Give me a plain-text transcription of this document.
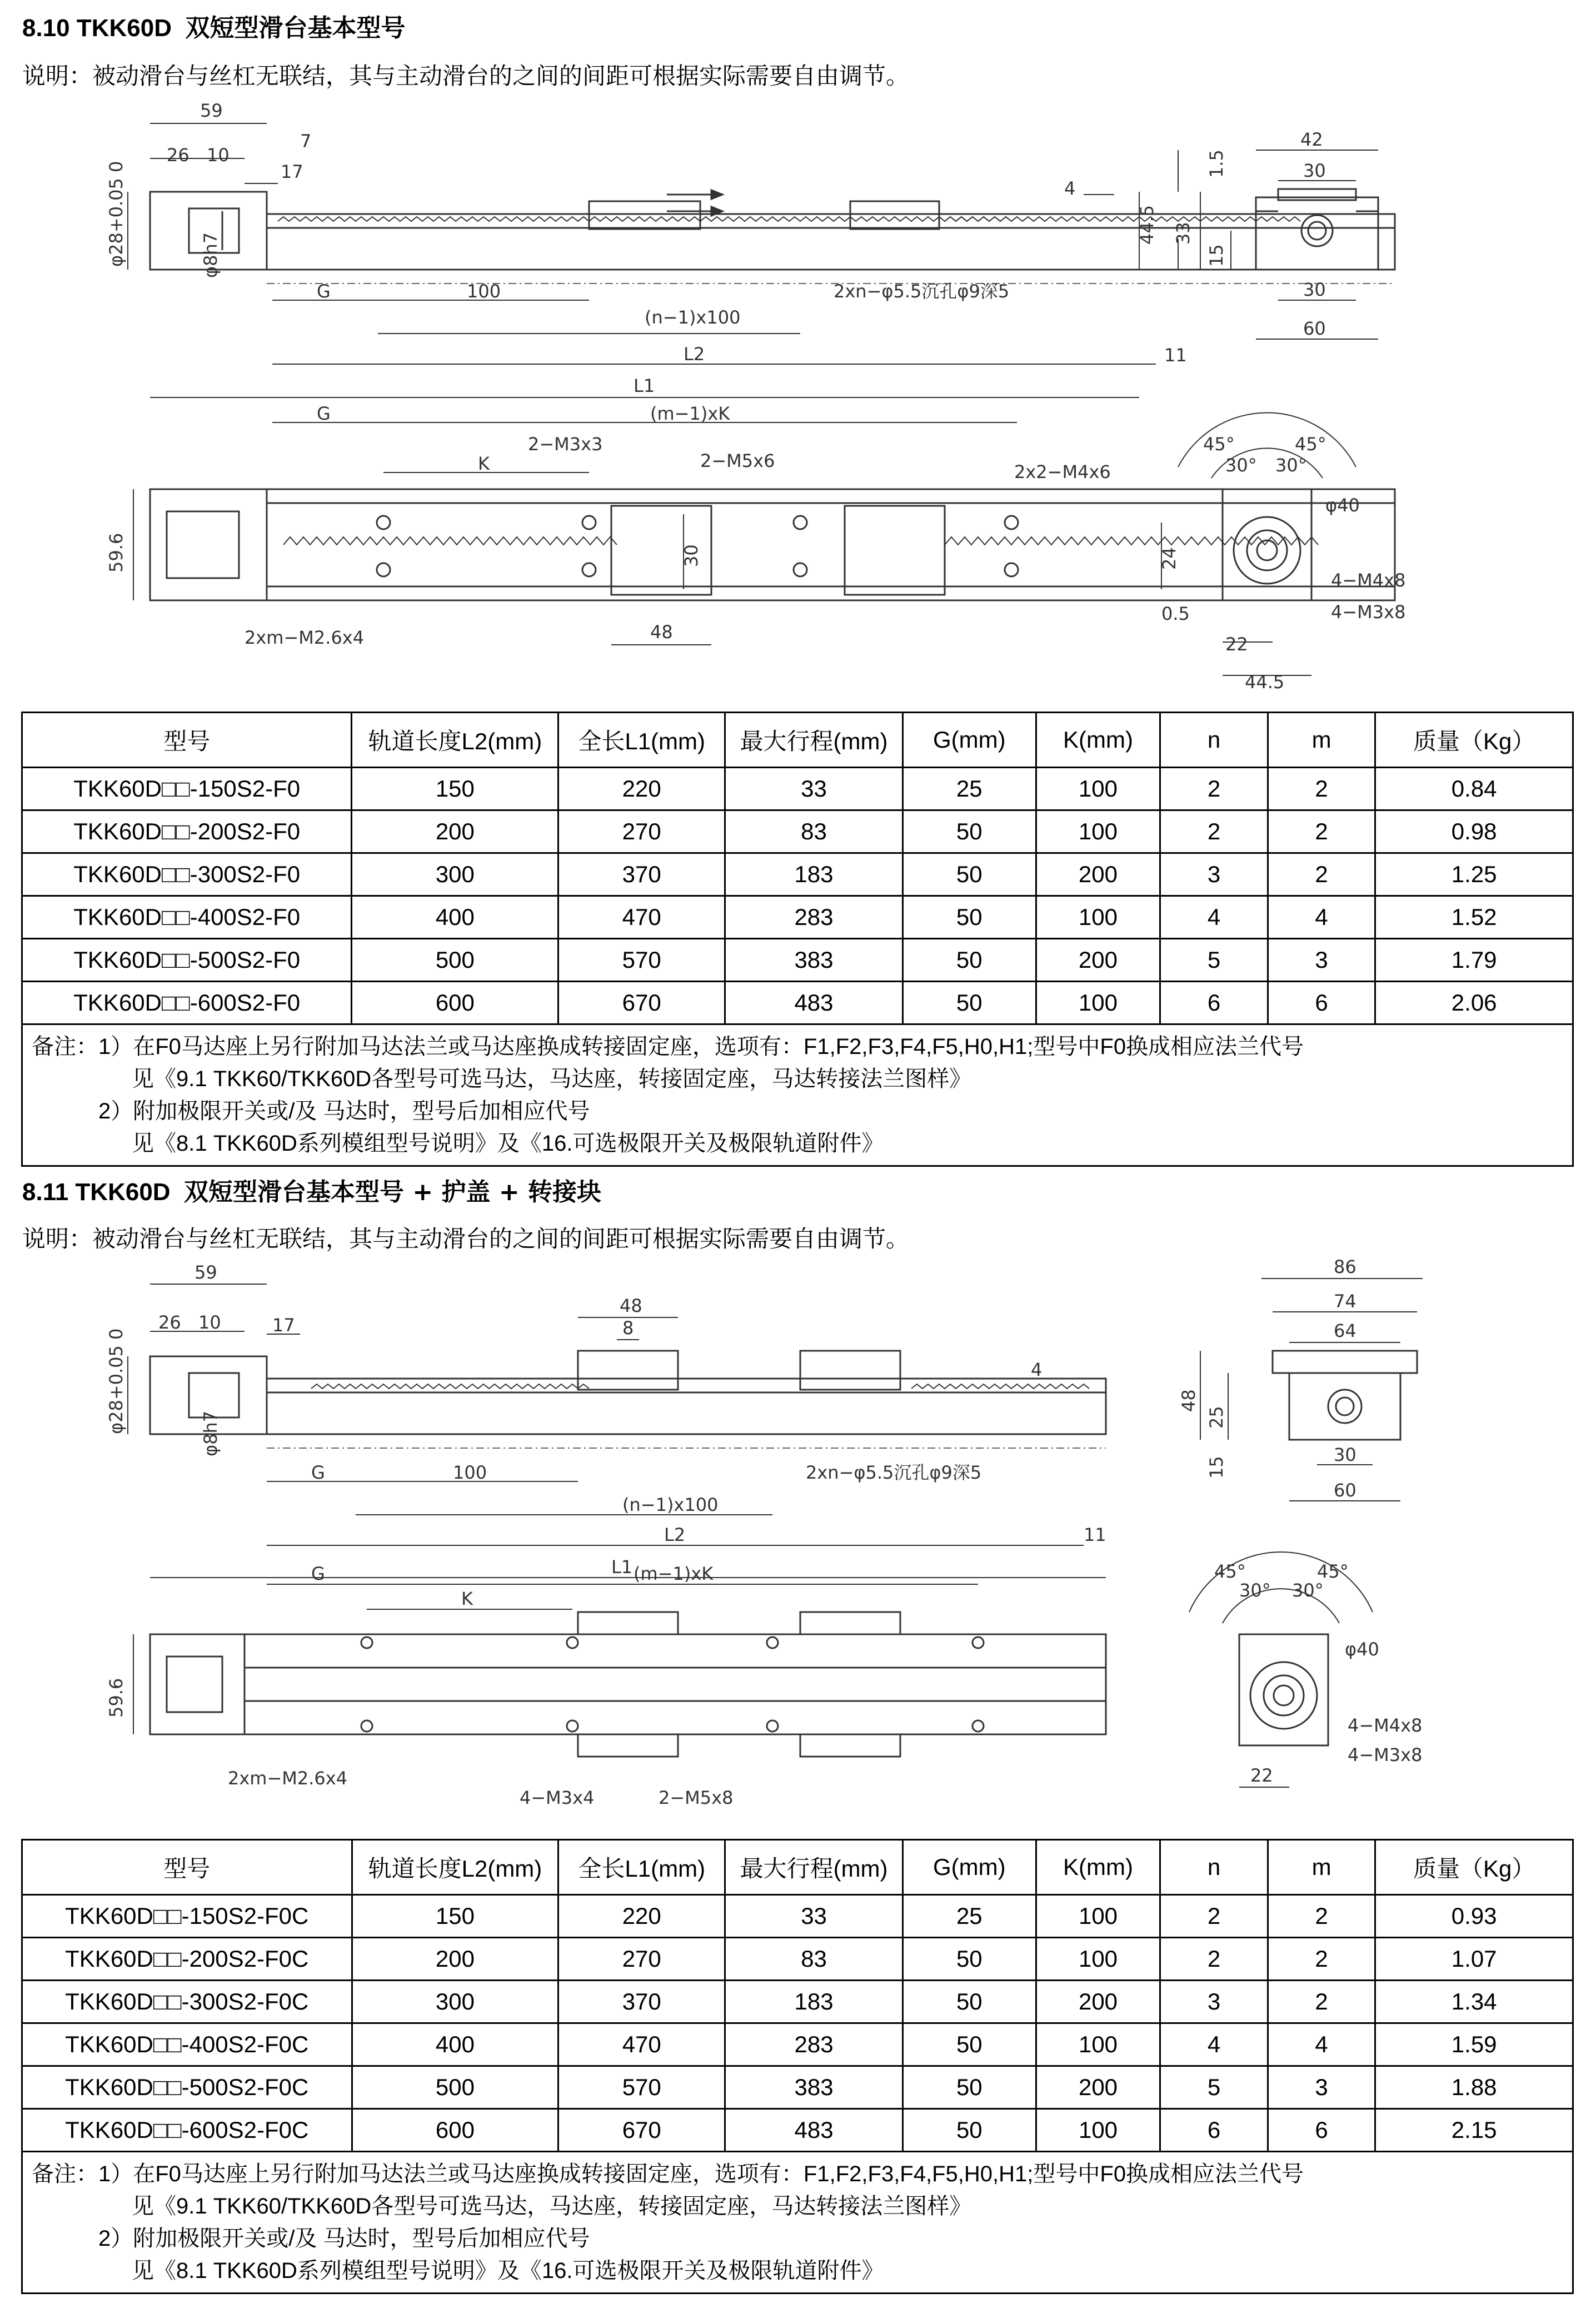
8.10 TKK60D 双短型滑台基本型号
说明：被动滑台与丝杠无联结，其与主动滑台的之间的间距可根据实际需要自由调节。
59
26 10
7
17
4
44.5 33
φ28+0.05 0	φ8h7
G	100
(n−1)x100
2xn−φ5.5沉孔φ9深5
L2
L1
11
42
30
30
60
1.5
15
G	(m−1)xK
K
2−M3x3
2−M5x6
2x2−M4x6
59.6	30
48
24
0.5
2xm−M2.6x4
45°	45°
30° 30°
φ40
4−M4x8
4−M3x8
22
44.5
型号	轨道长度L2(mm)	全长L1(mm)	最大行程(mm)	G(mm)	K(mm)	n	m	质量（Kg）
TKK60D□□-150S2-F0	150	220	33	25	100	2	2	0.84
TKK60D□□-200S2-F0	200	270	83	50	100	2	2	0.98
TKK60D□□-300S2-F0	300	370	183	50	200	3	2	1.25
TKK60D□□-400S2-F0	400	470	283	50	100	4	4	1.52
TKK60D□□-500S2-F0	500	570	383	50	200	5	3	1.79
TKK60D□□-600S2-F0	600	670	483	50	100	6	6	2.06

备注：1）在F0马达座上另行附加马达法兰或马达座换成转接固定座，选项有：F1,F2,F3,F4,F5,H0,H1;型号中F0换成相应法兰代号
见《9.1 TKK60/TKK60D各型号可选马达，马达座，转接固定座，马达转接法兰图样》
2）附加极限开关或/及 马达时，型号后加相应代号
见《8.1 TKK60D系列模组型号说明》及《16.可选极限开关及极限轨道附件》								
8.11 TKK60D 双短型滑台基本型号 + 护盖 + 转接块
说明：被动滑台与丝杠无联结，其与主动滑台的之间的间距可根据实际需要自由调节。
59
26 10	17
48
8
4
φ28+0.05 0	φ8h7
G	100
(n−1)x100
2xn−φ5.5沉孔φ9深5
L2
L1
11
86
74
64
48
25
15
30
60
G	(m−1)xK
K
59.6
2xm−M2.6x4
4−M3x4	2−M5x8
45°	45°
30° 30°
φ40
4−M4x8
4−M3x8
22
型号	轨道长度L2(mm)	全长L1(mm)	最大行程(mm)	G(mm)	K(mm)	n	m	质量（Kg）
TKK60D□□-150S2-F0C	150	220	33	25	100	2	2	0.93
TKK60D□□-200S2-F0C	200	270	83	50	100	2	2	1.07
TKK60D□□-300S2-F0C	300	370	183	50	200	3	2	1.34
TKK60D□□-400S2-F0C	400	470	283	50	100	4	4	1.59
TKK60D□□-500S2-F0C	500	570	383	50	200	5	3	1.88
TKK60D□□-600S2-F0C	600	670	483	50	100	6	6	2.15

备注：1）在F0马达座上另行附加马达法兰或马达座换成转接固定座，选项有：F1,F2,F3,F4,F5,H0,H1;型号中F0换成相应法兰代号
见《9.1 TKK60/TKK60D各型号可选马达，马达座，转接固定座，马达转接法兰图样》
2）附加极限开关或/及 马达时，型号后加相应代号
见《8.1 TKK60D系列模组型号说明》及《16.可选极限开关及极限轨道附件》								
